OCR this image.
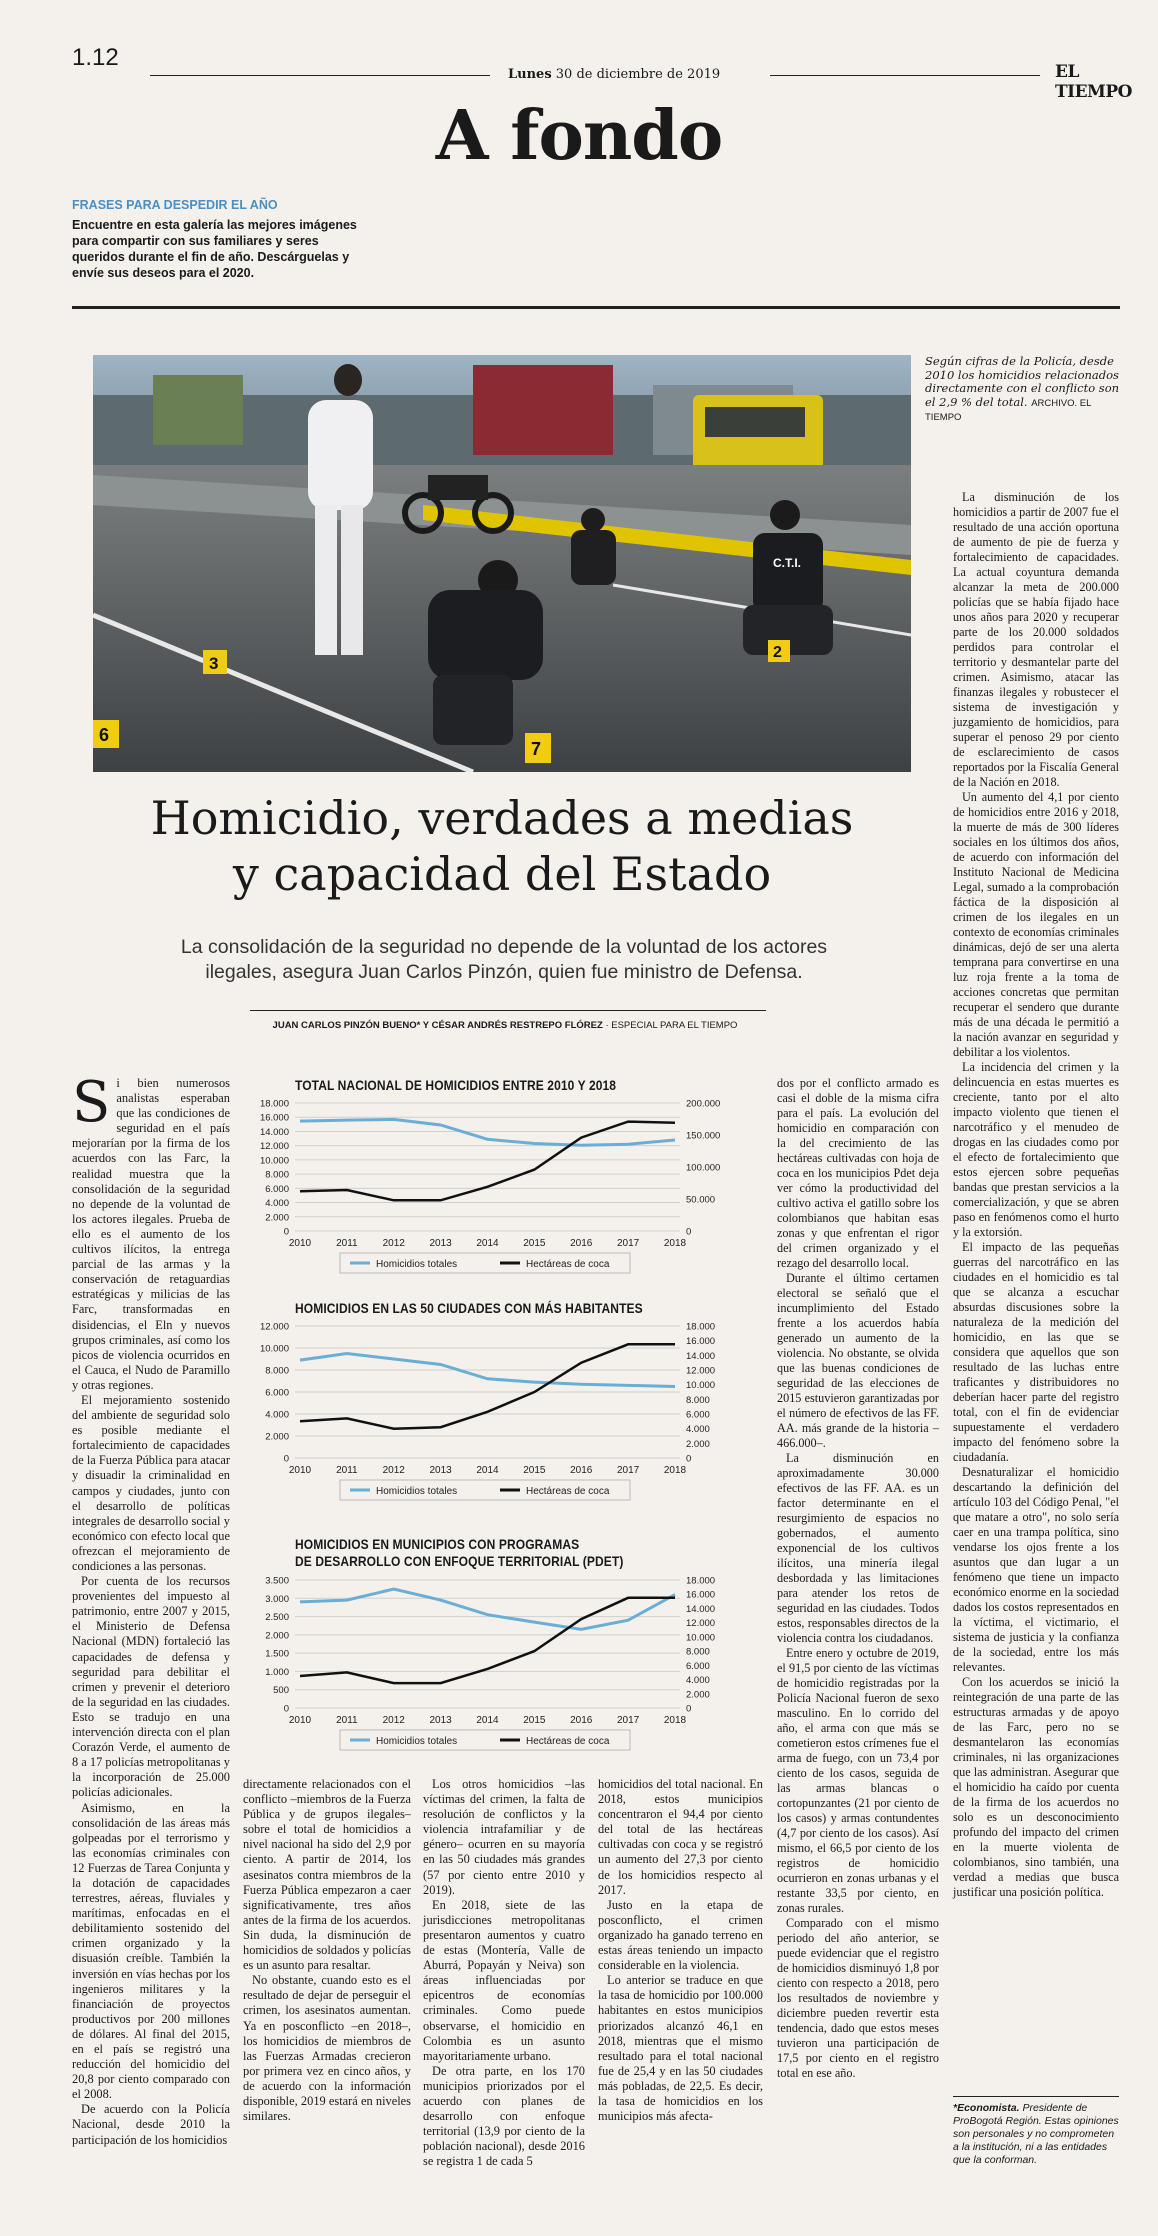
1.12
Lunes 30 de diciembre de 2019	EL TIEMPO
A fondo
FRASES PARA DESPEDIR EL AÑO
Encuentre en esta galería las mejores imágenes para compartir con sus familiares y seres queridos durante el fin de año. Descárguelas y envíe sus deseos para el 2020.
C.T.I.
3
2
6
7
Según cifras de la Policía, desde 2010 los homicidios relacionados directamente con el conflicto son el 2,9 % del total. ARCHIVO. EL TIEMPO
Homicidio, verdades a medias
y capacidad del Estado
La consolidación de la seguridad no depende de la voluntad de los actores ilegales, asegura Juan Carlos Pinzón, quien fue ministro de Defensa.
JUAN CARLOS PINZÓN BUENO* Y CÉSAR ANDRÉS RESTREPO FLÓREZ · ESPECIAL PARA EL TIEMPO
S i bien numerosos analistas esperaban que las condiciones de seguridad en el país mejorarían por la firma de los acuerdos con las Farc, la realidad muestra que la consolidación de la seguridad no depende de la voluntad de los actores ilegales. Prueba de ello es el aumento de los cultivos ilícitos, la entrega parcial de las armas y la conservación de retaguardias estratégicas y milicias de las Farc, transformadas en disidencias, el Eln y nuevos grupos criminales, así como los picos de violencia ocurridos en el Cauca, el Nudo de Paramillo y otras regiones.

El mejoramiento sostenido del ambiente de seguridad solo es posible mediante el fortalecimiento de capacidades de la Fuerza Pública para atacar y disuadir la criminalidad en campos y ciudades, junto con el desarrollo de políticas integrales de desarrollo social y económico con efecto local que ofrezcan el mejoramiento de condiciones a las personas.

Por cuenta de los recursos provenientes del impuesto al patrimonio, entre 2007 y 2015, el Ministerio de Defensa Nacional (MDN) fortaleció las capacidades de defensa y seguridad para debilitar el crimen y prevenir el deterioro de la seguridad en las ciudades. Esto se tradujo en una intervención directa con el plan Corazón Verde, el aumento de 8 a 17 policías metropolitanas y la incorporación de 25.000 policías adicionales.

Asimismo, en la consolidación de las áreas más golpeadas por el terrorismo y las economías criminales con 12 Fuerzas de Tarea Conjunta y la dotación de capacidades terrestres, aéreas, fluviales y marítimas, enfocadas en el debilitamiento sostenido del crimen organizado y la disuasión creíble. También la inversión en vías hechas por los ingenieros militares y la financiación de proyectos productivos por 200 millones de dólares. Al final del 2015, en el país se registró una reducción del homicidio del 20,8 por ciento comparado con el 2008.

De acuerdo con la Policía Nacional, desde 2010 la participación de los homicidios

TOTAL NACIONAL DE HOMICIDIOS ENTRE 2010 Y 2018
18.000
16.000
14.000
12.000
10.000
8.000
6.000
4.000
2.000
0
200.000
150.000
100.000
50.000
0
2010 2011 2012 2013 2014 2015 2016 2017 2018
Homicidios totales	Hectáreas de coca
HOMICIDIOS EN LAS 50 CIUDADES CON MÁS HABITANTES
12.000
10.000
8.000
6.000
4.000
2.000
0
18.000
16.000
14.000
12.000
10.000
8.000
6.000
4.000
2.000
0
2010 2011 2012 2013 2014 2015 2016 2017 2018
Homicidios totales	Hectáreas de coca
HOMICIDIOS EN MUNICIPIOS CON PROGRAMAS
DE DESARROLLO CON ENFOQUE TERRITORIAL (PDET)
3.500
3.000
2.500
2.000
1.500
1.000
500
0
18.000
16.000
14.000
12.000
10.000
8.000
6.000
4.000
2.000
0
2010 2011 2012 2013 2014 2015 2016 2017 2018
Homicidios totales	Hectáreas de coca

directamente relacionados con el conflicto –miembros de la Fuerza Pública y de grupos ilegales– sobre el total de homicidios a nivel nacional ha sido del 2,9 por ciento. A partir de 2014, los asesinatos contra miembros de la Fuerza Pública empezaron a caer significativamente, tres años antes de la firma de los acuerdos. Sin duda, la disminución de homicidios de soldados y policías es un asunto para resaltar.

No obstante, cuando esto es el resultado de dejar de perseguir el crimen, los asesinatos aumentan. Ya en posconflicto –en 2018–, los homicidios de miembros de las Fuerzas Armadas crecieron por primera vez en cinco años, y de acuerdo con la información disponible, 2019 estará en niveles similares.

Los otros homicidios –las víctimas del crimen, la falta de resolución de conflictos y la violencia intrafamiliar y de género– ocurren en su mayoría en las 50 ciudades más grandes (57 por ciento entre 2010 y 2019).

En 2018, siete de las jurisdicciones metropolitanas presentaron aumentos y cuatro de estas (Montería, Valle de Aburrá, Popayán y Neiva) son áreas influenciadas por epicentros de economías criminales. Como puede observarse, el homicidio en Colombia es un asunto mayoritariamente urbano.

De otra parte, en los 170 municipios priorizados por el acuerdo con planes de desarrollo con enfoque territorial (13,9 por ciento de la población nacional), desde 2016 se registra 1 de cada 5

homicidios del total nacional. En 2018, estos municipios concentraron el 94,4 por ciento del total de las hectáreas cultivadas con coca y se registró un aumento del 27,3 por ciento de los homicidios respecto al 2017.

Justo en la etapa de posconflicto, el crimen organizado ha ganado terreno en estas áreas teniendo un impacto considerable en la violencia.

Lo anterior se traduce en que la tasa de homicidio por 100.000 habitantes en estos municipios priorizados alcanzó 46,1 en 2018, mientras que el mismo resultado para el total nacional fue de 25,4 y en las 50 ciudades más pobladas, de 22,5. Es decir, la tasa de homicidios en los municipios más afecta-

dos por el conflicto armado es casi el doble de la misma cifra para el país. La evolución del homicidio en comparación con la del crecimiento de las hectáreas cultivadas con hoja de coca en los municipios Pdet deja ver cómo la productividad del cultivo activa el gatillo sobre los colombianos que habitan esas zonas y que enfrentan el rigor del crimen organizado y el rezago del desarrollo local.

Durante el último certamen electoral se señaló que el incumplimiento del Estado frente a los acuerdos había generado un aumento de la violencia. No obstante, se olvida que las buenas condiciones de seguridad de las elecciones de 2015 estuvieron garantizadas por el número de efectivos de las FF. AA. más grande de la historia –466.000–.

La disminución en aproximadamente 30.000 efectivos de las FF. AA. es un factor determinante en el resurgimiento de espacios no gobernados, el aumento exponencial de los cultivos ilícitos, una minería ilegal desbordada y las limitaciones para atender los retos de seguridad en las ciudades. Todos estos, responsables directos de la violencia contra los ciudadanos.

Entre enero y octubre de 2019, el 91,5 por ciento de las víctimas de homicidio registradas por la Policía Nacional fueron de sexo masculino. En lo corrido del año, el arma con que más se cometieron estos crímenes fue el arma de fuego, con un 73,4 por ciento de los casos, seguida de las armas blancas o cortopunzantes (21 por ciento de los casos) y armas contundentes (4,7 por ciento de los casos). Así mismo, el 66,5 por ciento de los registros de homicidio ocurrieron en zonas urbanas y el restante 33,5 por ciento, en zonas rurales.

Comparado con el mismo periodo del año anterior, se puede evidenciar que el registro de homicidios disminuyó 1,8 por ciento con respecto a 2018, pero los resultados de noviembre y diciembre pueden revertir esta tendencia, dado que estos meses tuvieron una participación de 17,5 por ciento en el registro total en ese año.

La disminución de los homicidios a partir de 2007 fue el resultado de una acción oportuna de aumento de pie de fuerza y fortalecimiento de capacidades. La actual coyuntura demanda alcanzar la meta de 200.000 policías que se había fijado hace unos años para 2020 y recuperar parte de los 20.000 soldados perdidos para controlar el territorio y desmantelar parte del crimen. Asimismo, atacar las finanzas ilegales y robustecer el sistema de investigación y juzgamiento de homicidios, para superar el penoso 29 por ciento de esclarecimiento de casos reportados por la Fiscalía General de la Nación en 2018.

Un aumento del 4,1 por ciento de homicidios entre 2016 y 2018, la muerte de más de 300 líderes sociales en los últimos dos años, de acuerdo con información del Instituto Nacional de Medicina Legal, sumado a la comprobación fáctica de la disposición al crimen de los ilegales en un contexto de economías criminales dinámicas, dejó de ser una alerta temprana para convertirse en una luz roja frente a la toma de acciones concretas que permitan recuperar el sendero que durante más de una década le permitió a la nación avanzar en seguridad y debilitar a los violentos.

La incidencia del crimen y la delincuencia en estas muertes es creciente, tanto por el alto impacto violento que tienen el narcotráfico y el menudeo de drogas en las ciudades como por el efecto de fortalecimiento que estos ejercen sobre pequeñas bandas que prestan servicios a la comercialización, y que se abren paso en fenómenos como el hurto y la extorsión.

El impacto de las pequeñas guerras del narcotráfico en las ciudades en el homicidio es tal que se alcanza a escuchar absurdas discusiones sobre la naturaleza de la medición del homicidio, en las que se considera que aquellos que son resultado de las luchas entre traficantes y distribuidores no deberían hacer parte del registro total, con el fin de evidenciar supuestamente el verdadero impacto del fenómeno sobre la ciudadanía.

Desnaturalizar el homicidio descartando la definición del artículo 103 del Código Penal, "el que matare a otro", no solo sería caer en una trampa política, sino vendarse los ojos frente a los asuntos que dan lugar a un fenómeno que tiene un impacto económico enorme en la sociedad dados los costos representados en la víctima, el victimario, el sistema de justicia y la confianza de la sociedad, entre los más relevantes.

Con los acuerdos se inició la reintegración de una parte de las estructuras armadas y de apoyo de las Farc, pero no se desmantelaron las economías criminales, ni las organizaciones que las administran. Asegurar que el homicidio ha caído por cuenta de la firma de los acuerdos no solo es un desconocimiento profundo del impacto del crimen en la muerte violenta de colombianos, sino también, una verdad a medias que busca justificar una posición política.

*Economista. Presidente de ProBogotá Región. Estas opiniones son personales y no comprometen a la institución, ni a las entidades que la conforman.
